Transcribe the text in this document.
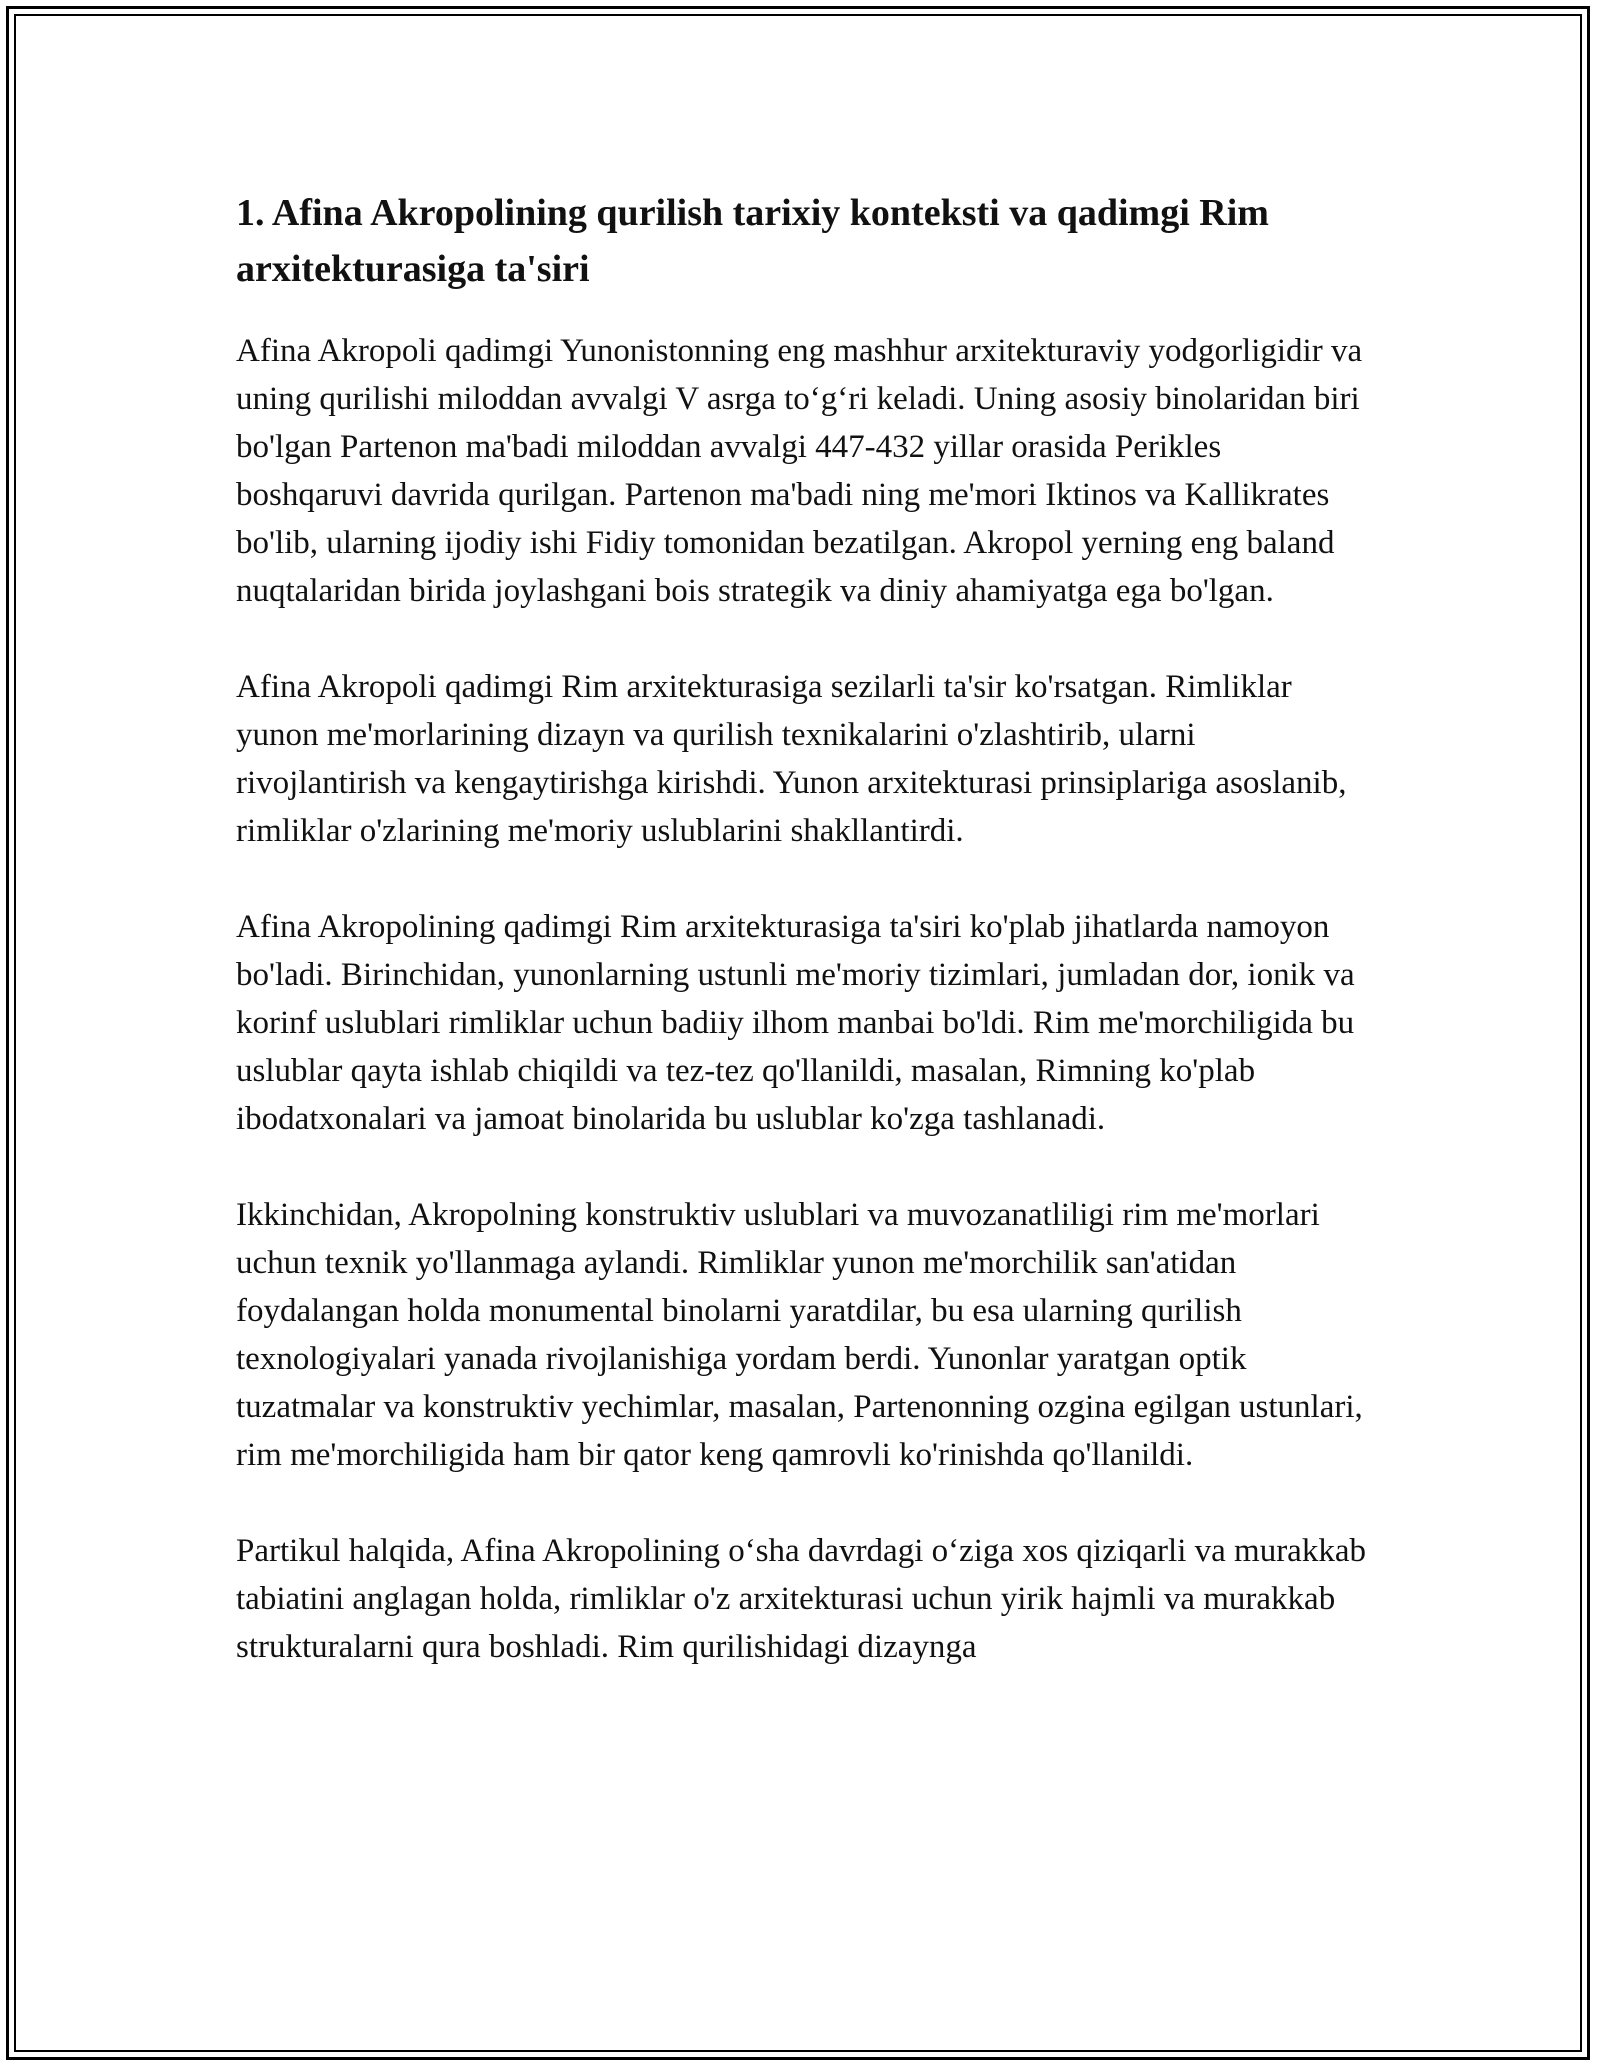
1. Afina Akropolining qurilish tarixiy konteksti va qadimgi Rim arxitekturasiga ta'siri

Afina Akropoli qadimgi Yunonistonning eng mashhur arxitekturaviy yodgorligidir va uning qurilishi miloddan avvalgi V asrga to‘g‘ri keladi. Uning asosiy binolaridan biri bo'lgan Partenon ma'badi miloddan avvalgi 447-432 yillar orasida Perikles boshqaruvi davrida qurilgan. Partenon ma'badi ning me'mori Iktinos va Kallikrates bo'lib, ularning ijodiy ishi Fidiy tomonidan bezatilgan. Akropol yerning eng baland nuqtalaridan birida joylashgani bois strategik va diniy ahamiyatga ega bo'lgan.

Afina Akropoli qadimgi Rim arxitekturasiga sezilarli ta'sir ko'rsatgan. Rimliklar yunon me'morlarining dizayn va qurilish texnikalarini o'zlashtirib, ularni rivojlantirish va kengaytirishga kirishdi. Yunon arxitekturasi prinsiplariga asoslanib, rimliklar o'zlarining me'moriy uslublarini shakllantirdi.

Afina Akropolining qadimgi Rim arxitekturasiga ta'siri ko'plab jihatlarda namoyon bo'ladi. Birinchidan, yunonlarning ustunli me'moriy tizimlari, jumladan dor, ionik va korinf uslublari rimliklar uchun badiiy ilhom manbai bo'ldi. Rim me'morchiligida bu uslublar qayta ishlab chiqildi va tez-tez qo'llanildi, masalan, Rimning ko'plab ibodatxonalari va jamoat binolarida bu uslublar ko'zga tashlanadi.

Ikkinchidan, Akropolning konstruktiv uslublari va muvozanatliligi rim me'morlari uchun texnik yo'llanmaga aylandi. Rimliklar yunon me'morchilik san'atidan foydalangan holda monumental binolarni yaratdilar, bu esa ularning qurilish texnologiyalari yanada rivojlanishiga yordam berdi. Yunonlar yaratgan optik tuzatmalar va konstruktiv yechimlar, masalan, Partenonning ozgina egilgan ustunlari, rim me'morchiligida ham bir qator keng qamrovli ko'rinishda qo'llanildi.

Partikul halqida, Afina Akropolining o‘sha davrdagi o‘ziga xos qiziqarli va murakkab tabiatini anglagan holda, rimliklar o'z arxitekturasi uchun yirik hajmli va murakkab strukturalarni qura boshladi. Rim qurilishidagi dizaynga
